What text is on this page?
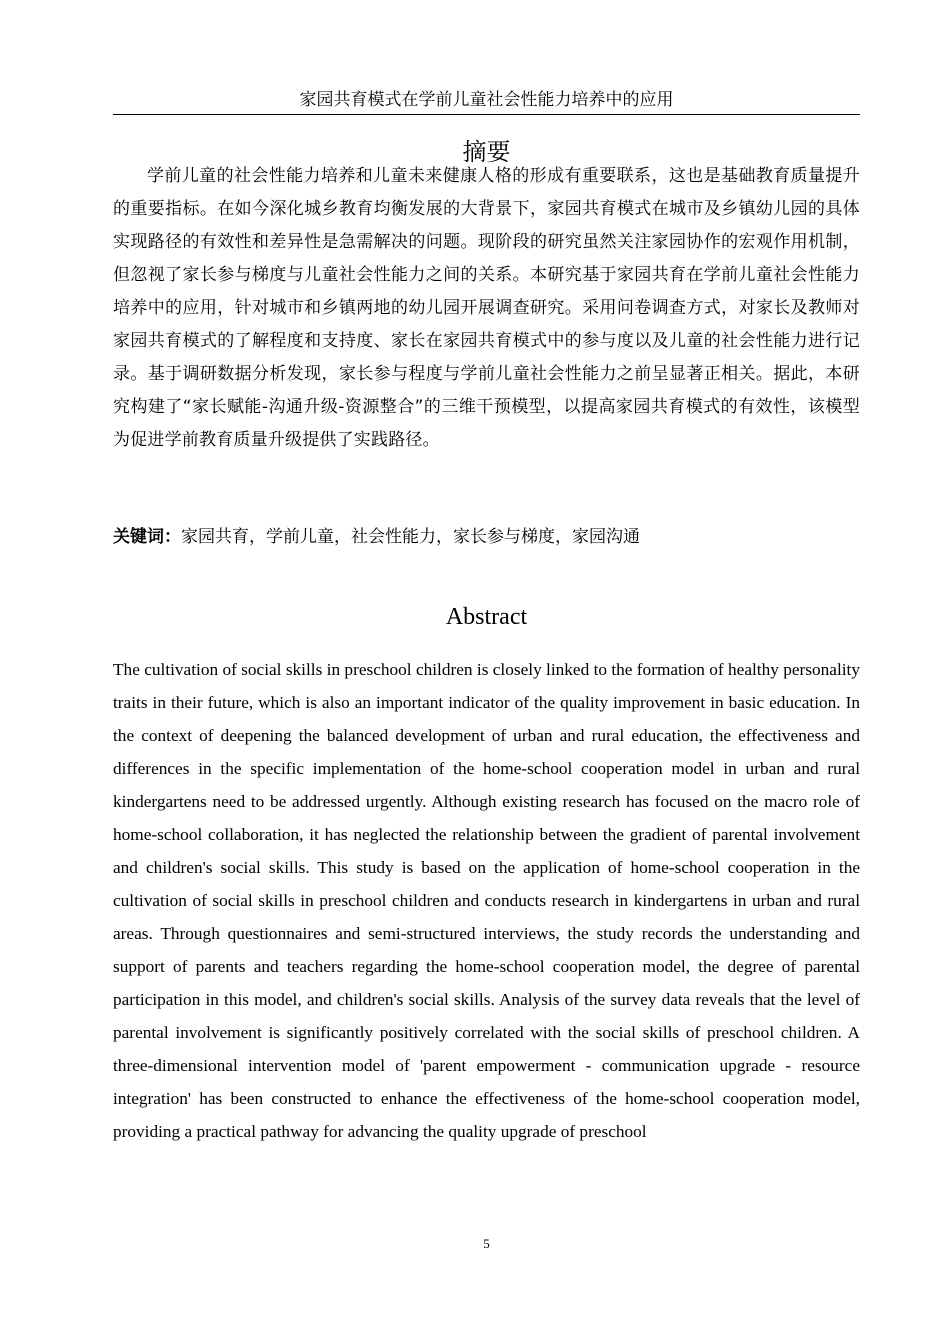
家园共育模式在学前儿童社会性能力培养中的应用
摘要

学前儿童的社会性能力培养和儿童未来健康人格的形成有重要联系，这也是基础教育质量提升的重要指标。在如今深化城乡教育均衡发展的大背景下，家园共育模式在城市及乡镇幼儿园的具体实现路径的有效性和差异性是急需解决的问题。现阶段的研究虽然关注家园协作的宏观作用机制，但忽视了家长参与梯度与儿童社会性能力之间的关系。本研究基于家园共育在学前儿童社会性能力培养中的应用，针对城市和乡镇两地的幼儿园开展调查研究。采用问卷调查方式，对家长及教师对家园共育模式的了解程度和支持度、家长在家园共育模式中的参与度以及儿童的社会性能力进行记录。基于调研数据分析发现，家长参与程度与学前儿童社会性能力之前呈显著正相关。据此，本研究构建了“家长赋能-沟通升级-资源整合”的三维干预模型，以提高家园共育模式的有效性，该模型为促进学前教育质量升级提供了实践路径。

关键词：家园共育，学前儿童，社会性能力，家长参与梯度，家园沟通
Abstract

The cultivation of social skills in preschool children is closely linked to the formation of healthy personality traits in their future, which is also an important indicator of the quality improvement in basic education. In the context of deepening the balanced development of urban and rural education, the effectiveness and differences in the specific implementation of the home-school cooperation model in urban and rural kindergartens need to be addressed urgently. Although existing research has focused on the macro role of home-school collaboration, it has neglected the relationship between the gradient of parental involvement and children's social skills. This study is based on the application of home-school cooperation in the cultivation of social skills in preschool children and conducts research in kindergartens in urban and rural areas. Through questionnaires and semi-structured interviews, the study records the understanding and support of parents and teachers regarding the home-school cooperation model, the degree of parental participation in this model, and children's social skills. Analysis of the survey data reveals that the level of parental involvement is significantly positively correlated with the social skills of preschool children. A three-dimensional intervention model of 'parent empowerment - communication upgrade - resource integration' has been constructed to enhance the effectiveness of the home-school cooperation model, providing a practical pathway for advancing the quality upgrade of preschool

5
